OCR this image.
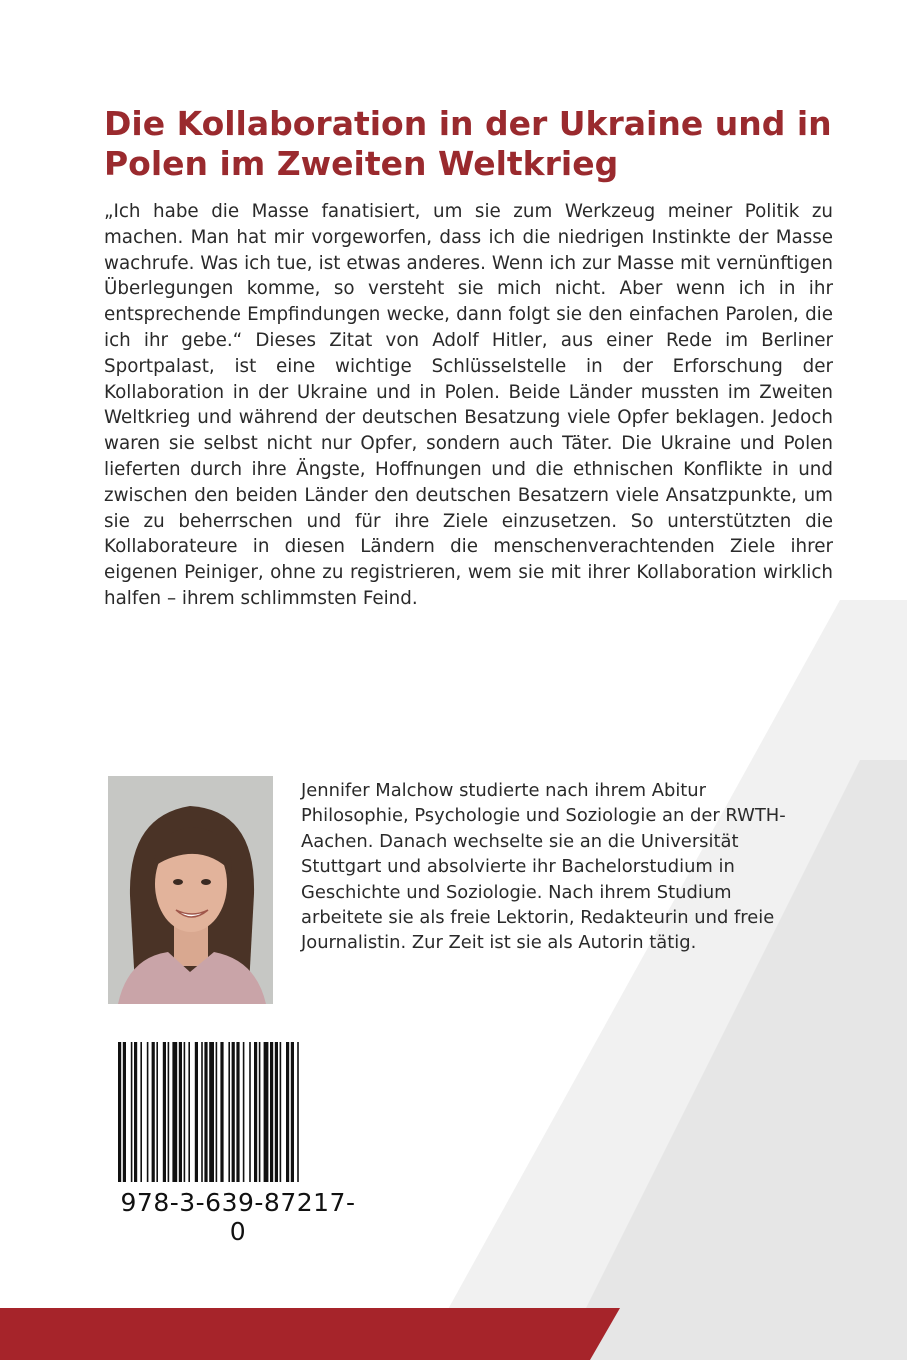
Die Kollaboration in der Ukraine und in Polen im Zweiten Weltkrieg

„Ich habe die Masse fanatisiert, um sie zum Werkzeug meiner Politik zu machen. Man hat mir vorgeworfen, dass ich die niedrigen Instinkte der Masse wachrufe. Was ich tue, ist etwas anderes. Wenn ich zur Masse mit vernünftigen Überlegungen komme, so versteht sie mich nicht. Aber wenn ich in ihr entsprechende Empfindungen wecke, dann folgt sie den einfachen Parolen, die ich ihr gebe.“ Dieses Zitat von Adolf Hitler, aus einer Rede im Berliner Sportpalast, ist eine wichtige Schlüsselstelle in der Erforschung der Kollaboration in der Ukraine und in Polen. Beide Länder mussten im Zweiten Weltkrieg und während der deutschen Besatzung viele Opfer beklagen. Jedoch waren sie selbst nicht nur Opfer, sondern auch Täter. Die Ukraine und Polen lieferten durch ihre Ängste, Hoffnungen und die ethnischen Konflikte in und zwischen den beiden Länder den deutschen Besatzern viele Ansatzpunkte, um sie zu beherrschen und für ihre Ziele einzusetzen. So unterstützten die Kollaborateure in diesen Ländern die menschenverachtenden Ziele ihrer eigenen Peiniger, ohne zu registrieren, wem sie mit ihrer Kollaboration wirklich halfen – ihrem schlimmsten Feind.

Jennifer Malchow studierte nach ihrem Abitur Philosophie, Psychologie und Soziologie an der RWTH-Aachen. Danach wechselte sie an die Universität Stuttgart und absolvierte ihr Bachelorstudium in Geschichte und Soziologie. Nach ihrem Studium arbeitete sie als freie Lektorin, Redakteurin und freie Journalistin. Zur Zeit ist sie als Autorin tätig.

978-3-639-87217-0
